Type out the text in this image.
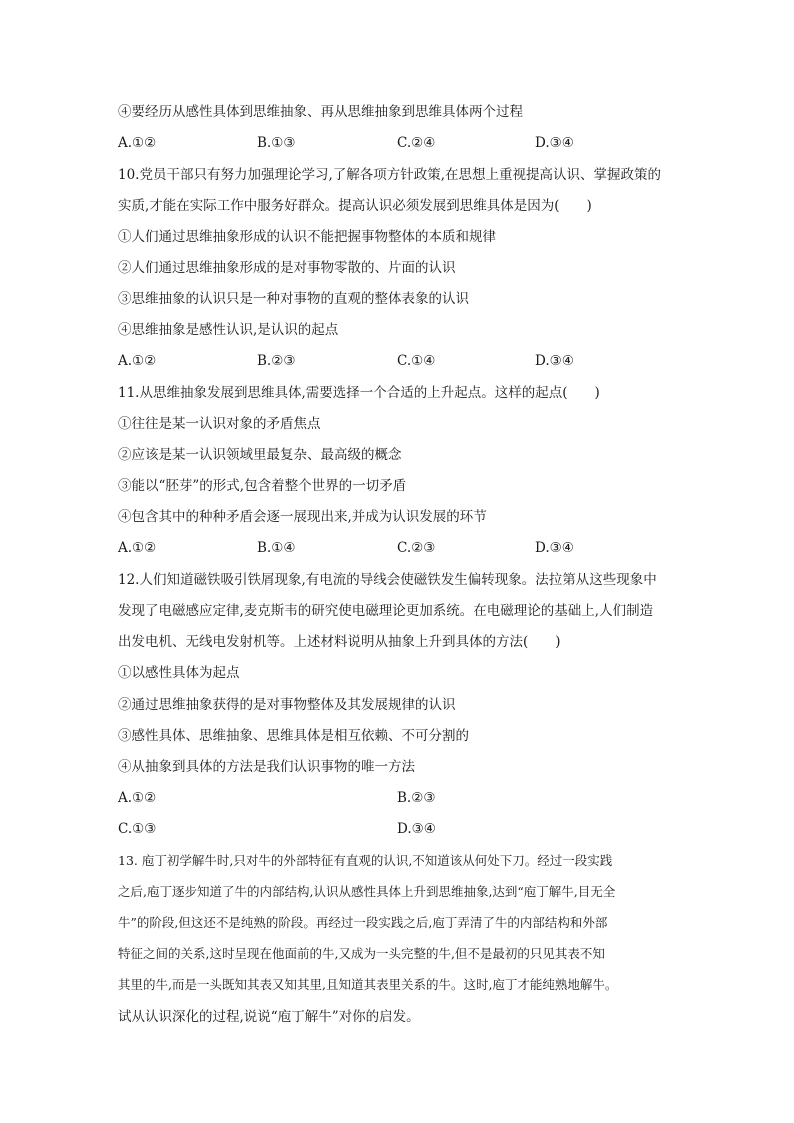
④要经历从感性具体到思维抽象、再从思维抽象到思维具体两个过程
A.①②	B.①③	C.②④	D.③④
10.党员干部只有努力加强理论学习,了解各项方针政策,在思想上重视提高认识、掌握政策的
实质,才能在实际工作中服务好群众。提高认识必须发展到思维具体是因为(　　)
①人们通过思维抽象形成的认识不能把握事物整体的本质和规律
②人们通过思维抽象形成的是对事物零散的、片面的认识
③思维抽象的认识只是一种对事物的直观的整体表象的认识
④思维抽象是感性认识,是认识的起点
A.①②	B.②③	C.①④	D.③④
11.从思维抽象发展到思维具体,需要选择一个合适的上升起点。这样的起点(　　)
①往往是某一认识对象的矛盾焦点
②应该是某一认识领域里最复杂、最高级的概念
③能以“胚芽”的形式,包含着整个世界的一切矛盾
④包含其中的种种矛盾会逐一展现出来,并成为认识发展的环节
A.①②	B.①④	C.②③	D.③④
12.人们知道磁铁吸引铁屑现象,有电流的导线会使磁铁发生偏转现象。法拉第从这些现象中
发现了电磁感应定律,麦克斯韦的研究使电磁理论更加系统。在电磁理论的基础上,人们制造
出发电机、无线电发射机等。上述材料说明从抽象上升到具体的方法(　　)
①以感性具体为起点
②通过思维抽象获得的是对事物整体及其发展规律的认识
③感性具体、思维抽象、思维具体是相互依赖、不可分割的
④从抽象到具体的方法是我们认识事物的唯一方法
A.①②	B.②③
C.①③	D.③④
13. 庖丁初学解牛时,只对牛的外部特征有直观的认识,不知道该从何处下刀。经过一段实践
之后,庖丁逐步知道了牛的内部结构,认识从感性具体上升到思维抽象,达到“庖丁解牛,目无全
牛”的阶段,但这还不是纯熟的阶段。再经过一段实践之后,庖丁弄清了牛的内部结构和外部
特征之间的关系,这时呈现在他面前的牛,又成为一头完整的牛,但不是最初的只见其表不知
其里的牛,而是一头既知其表又知其里,且知道其表里关系的牛。这时,庖丁才能纯熟地解牛。
试从认识深化的过程,说说“庖丁解牛”对你的启发。
